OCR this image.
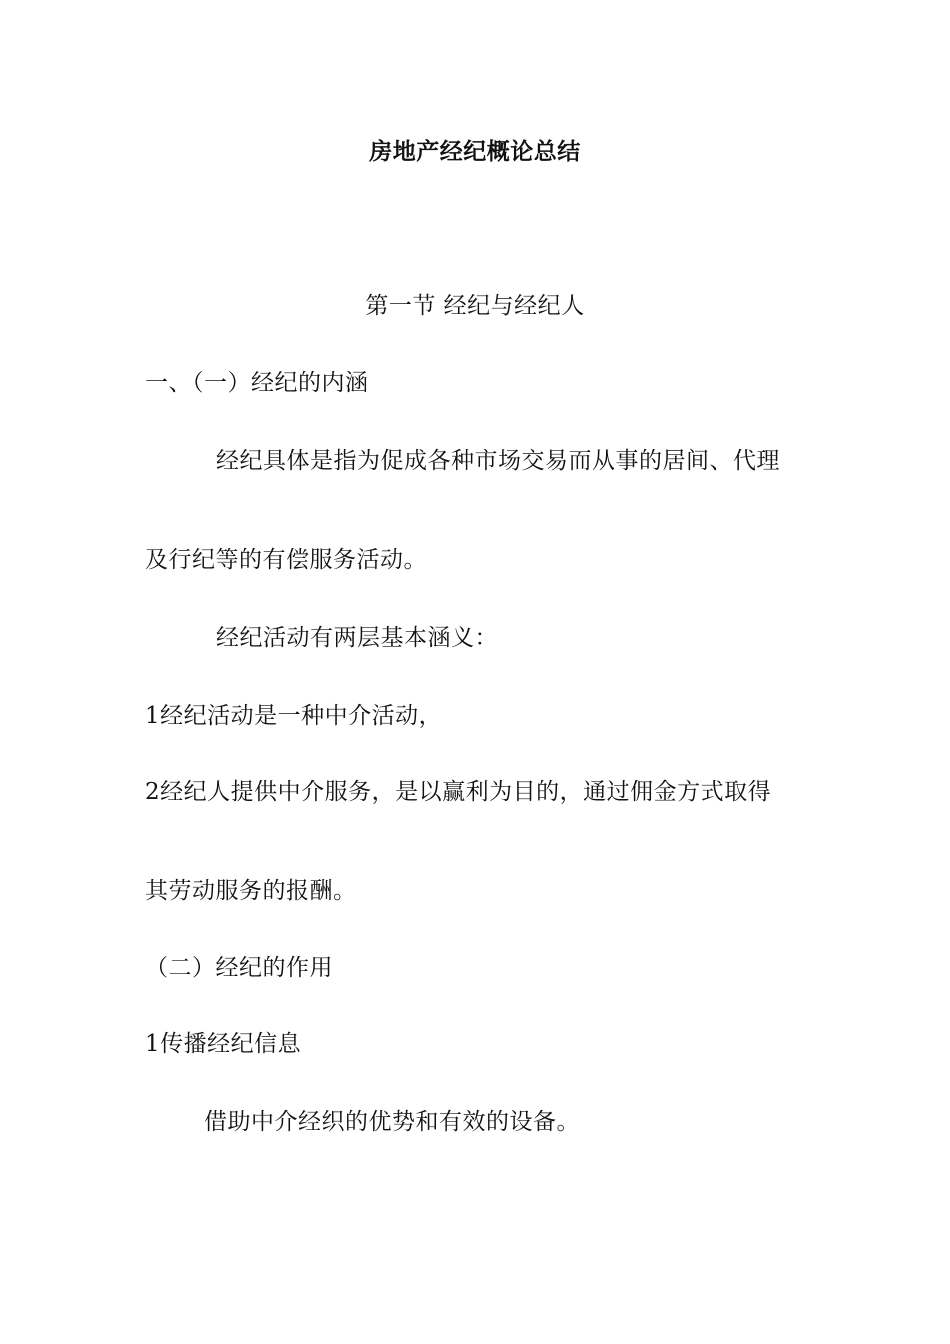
房地产经纪概论总结
第一节 经纪与经纪人
一、（一）经纪的内涵
经纪具体是指为促成各种市场交易而从事的居间、代理
及行纪等的有偿服务活动。
经纪活动有两层基本涵义：
1经纪活动是一种中介活动，
2经纪人提供中介服务，是以赢利为目的，通过佣金方式取得
其劳动服务的报酬。
（二）经纪的作用
1传播经纪信息
借助中介经织的优势和有效的设备。
